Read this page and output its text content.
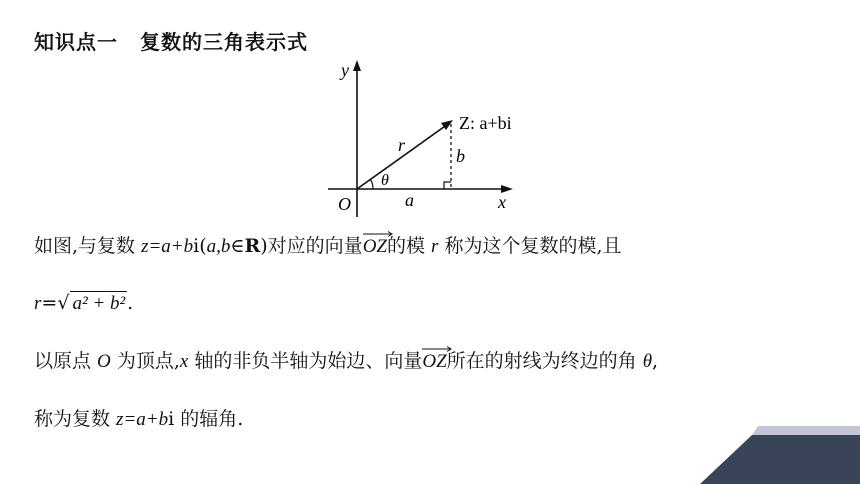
知识点一 复数的三角表示式
y
x
O
r
θ
a
b
Z: a+bi
如图,与复数 z=a+bi(a,b∈R)对应的向量
OZ的模 r 称为这个复数的模,且
r=√ a² + b² .
以原点 O 为顶点,x 轴的非负半轴为始边、向量
OZ所在的射线为终边的角 θ,
称为复数 z=a+bi 的辐角.
